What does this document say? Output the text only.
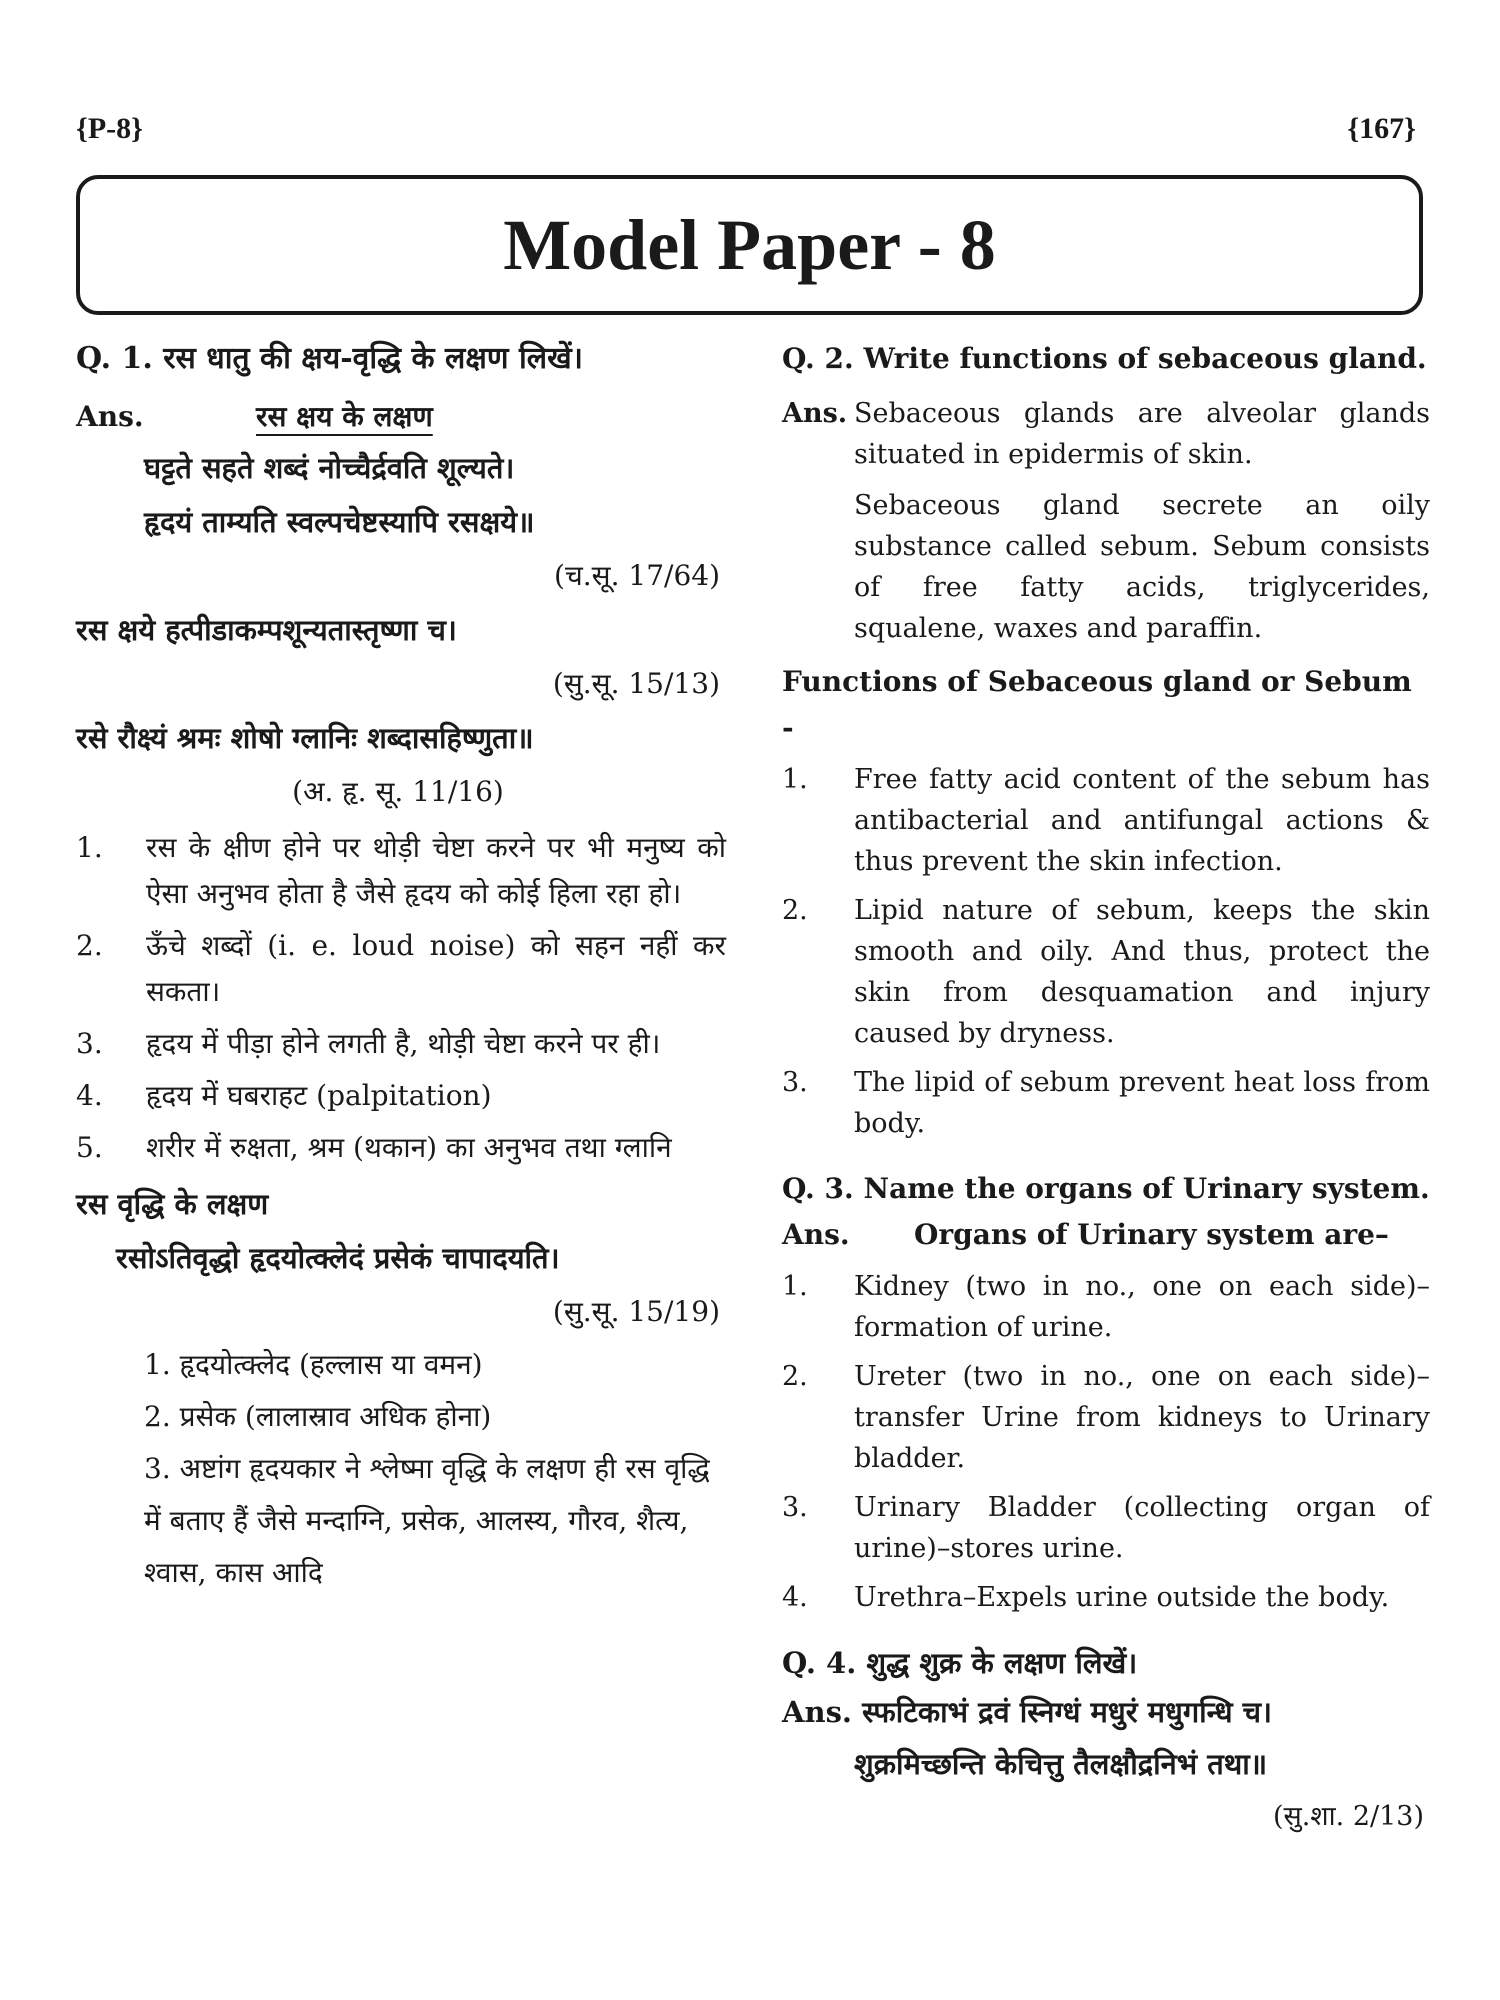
{P-8}	{167}
Model Paper - 8
Q. 1. रस धातु की क्षय-वृद्धि के लक्षण लिखें।
Ans.	रस क्षय के लक्षण
घट्टते सहते शब्दं नोच्चैर्द्रवति शूल्यते।
हृदयं ताम्यति स्वल्पचेष्टस्यापि रसक्षये॥
(च.सू. 17/64)
रस क्षये हत्पीडाकम्पशून्यतास्तृष्णा च।
(सु.सू. 15/13)
रसे रौक्ष्यं श्रमः शोषो ग्लानिः शब्दासहिष्णुता॥
(अ. हृ. सू. 11/16)
1.	रस के क्षीण होने पर थोड़ी चेष्टा करने पर भी मनुष्य को ऐसा अनुभव होता है जैसे हृदय को कोई हिला रहा हो।
2.	ऊँचे शब्दों (i. e. loud noise) को सहन नहीं कर सकता।
3.	हृदय में पीड़ा होने लगती है, थोड़ी चेष्टा करने पर ही।
4.	हृदय में घबराहट (palpitation)
5.	शरीर में रुक्षता, श्रम (थकान) का अनुभव तथा ग्लानि
रस वृद्धि के लक्षण
रसोऽतिवृद्धो हृदयोत्क्लेदं प्रसेकं चापादयति।
(सु.सू. 15/19)
1. हृदयोत्क्लेद (हल्लास या वमन)
2. प्रसेक (लालास्राव अधिक होना)
3. अष्टांग हृदयकार ने श्लेष्मा वृद्धि के लक्षण ही रस वृद्धि में बताए हैं जैसे मन्दाग्नि, प्रसेक, आलस्य, गौरव, शैत्य, श्वास, कास आदि
Q. 2. Write functions of sebaceous gland.
Ans. Sebaceous glands are alveolar glands situated in epidermis of skin.
Sebaceous gland secrete an oily substance called sebum. Sebum consists of free fatty acids, triglycerides, squalene, waxes and paraffin.
Functions of Sebaceous gland or Sebum -
1.	Free fatty acid content of the sebum has antibacterial and antifungal actions & thus prevent the skin infection.
2.	Lipid nature of sebum, keeps the skin smooth and oily. And thus, protect the skin from desquamation and injury caused by dryness.
3.	The lipid of sebum prevent heat loss from body.
Q. 3. Name the organs of Urinary system.
Ans.	Organs of Urinary system are–
1.	Kidney (two in no., one on each side)–formation of urine.
2.	Ureter (two in no., one on each side)–transfer Urine from kidneys to Urinary bladder.
3.	Urinary Bladder (collecting organ of urine)–stores urine.
4.	Urethra–Expels urine outside the body.
Q. 4. शुद्ध शुक्र के लक्षण लिखें।
Ans. स्फटिकाभं द्रवं स्निग्धं मधुरं मधुगन्धि च।
शुक्रमिच्छन्ति केचित्तु तैलक्षौद्रनिभं तथा॥
(सु.शा. 2/13)
